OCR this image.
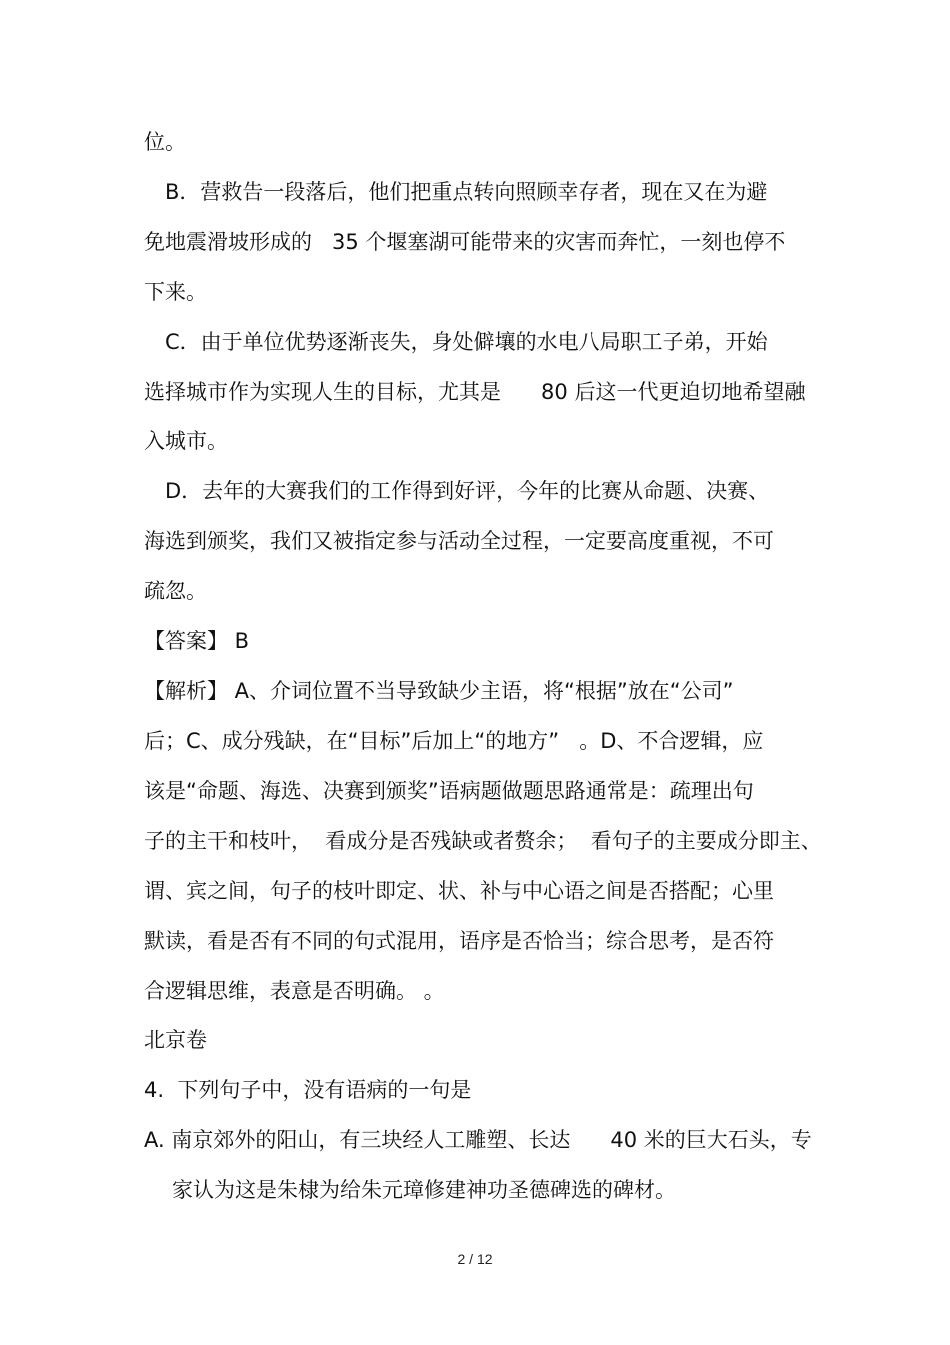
位。
B．营救告一段落后，他们把重点转向照顾幸存者，现在又在为避
免地震滑坡形成的   35 个堰塞湖可能带来的灾害而奔忙，一刻也停不
下来。
C．由于单位优势逐渐丧失，身处僻壤的水电八局职工子弟，开始
选择城市作为实现人生的目标，尤其是      80 后这一代更迫切地希望融
入城市。
D．去年的大赛我们的工作得到好评，今年的比赛从命题、决赛、
海选到颁奖，我们又被指定参与活动全过程，一定要高度重视，不可
疏忽。
【答案】 B
【解析】 A、介词位置不当导致缺少主语，将“根据”放在“公司”
后；C、成分残缺，在“目标”后加上“的地方”   。D、不合逻辑，应
该是“命题、海选、决赛到颁奖”语病题做题思路通常是：疏理出句
子的主干和枝叶，  看成分是否残缺或者赘余；  看句子的主要成分即主、
谓、宾之间，句子的枝叶即定、状、补与中心语之间是否搭配；心里
默读，看是否有不同的句式混用，语序是否恰当；综合思考，是否符
合逻辑思维，表意是否明确。 。
北京卷
4.  下列句子中，没有语病的一句是
A. 南京郊外的阳山，有三块经人工雕塑、长达      40 米的巨大石头，专
家认为这是朱棣为给朱元璋修建神功圣德碑选的碑材。
2 / 12
